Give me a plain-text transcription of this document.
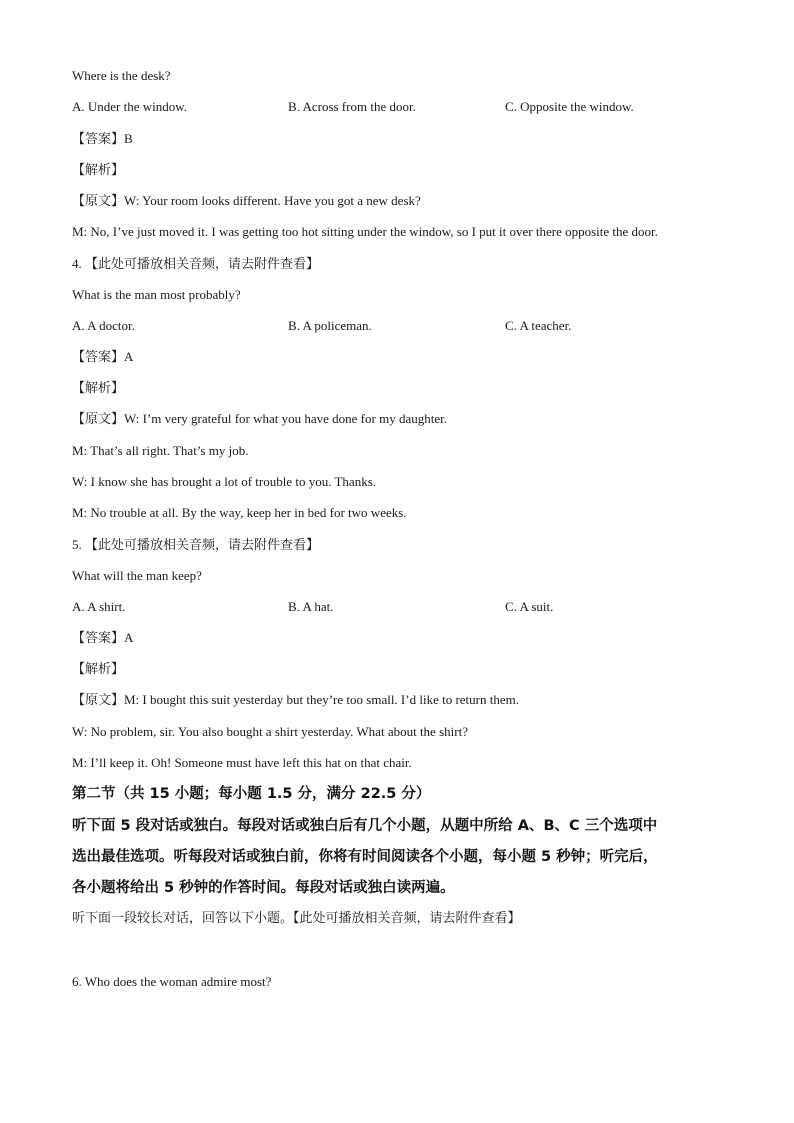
Where is the desk?
A. Under the window.	B. Across from the door.	C. Opposite the window.
【答案】B
【解析】
【原文】W: Your room looks different. Have you got a new desk?
M: No, I’ve just moved it. I was getting too hot sitting under the window, so I put it over there opposite the door.
4. 【此处可播放相关音频，请去附件查看】
What is the man most probably?
A. A doctor.	B. A policeman.	C. A teacher.
【答案】A
【解析】
【原文】W: I’m very grateful for what you have done for my daughter.
M: That’s all right. That’s my job.
W: I know she has brought a lot of trouble to you. Thanks.
M: No trouble at all. By the way, keep her in bed for two weeks.
5. 【此处可播放相关音频，请去附件查看】
What will the man keep?
A. A shirt.	B. A hat.	C. A suit.
【答案】A
【解析】
【原文】M: I bought this suit yesterday but they’re too small. I’d like to return them.
W: No problem, sir. You also bought a shirt yesterday. What about the shirt?
M: I’ll keep it. Oh! Someone must have left this hat on that chair.
第二节（共 15 小题；每小题 1.5 分，满分 22.5 分）
听下面 5 段对话或独白。每段对话或独白后有几个小题，从题中所给 A、B、C 三个选项中
选出最佳选项。听每段对话或独白前，你将有时间阅读各个小题，每小题 5 秒钟；听完后，
各小题将给出 5 秒钟的作答时间。每段对话或独白读两遍。
听下面一段较长对话，回答以下小题。【此处可播放相关音频，请去附件查看】
6. Who does the woman admire most?
